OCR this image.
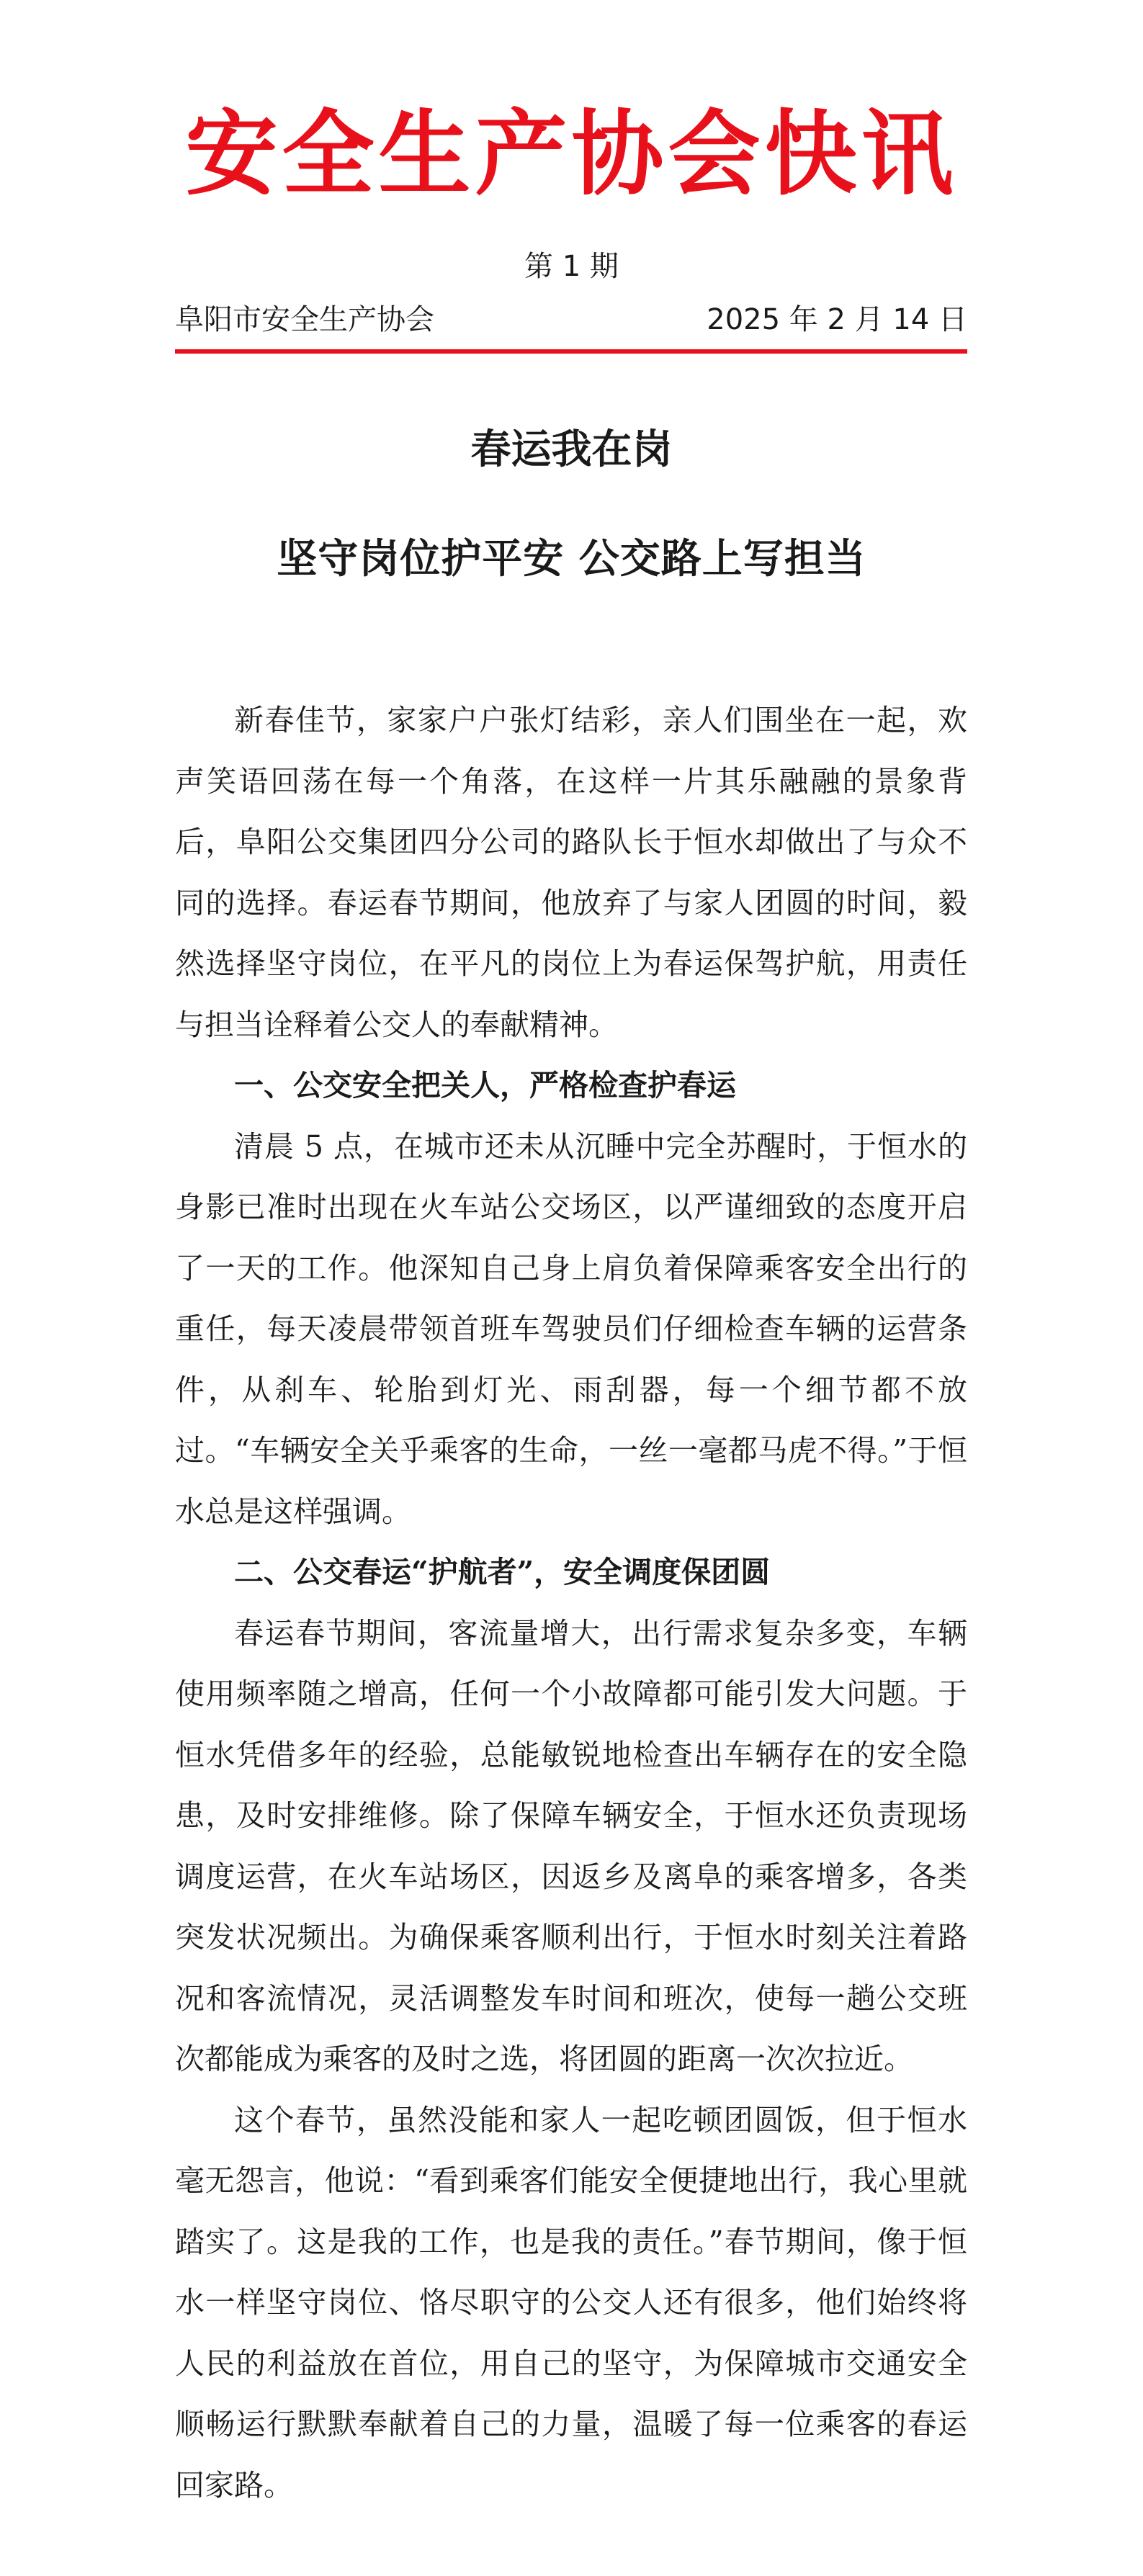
安全生产协会快讯
第 1 期
阜阳市安全生产协会	2025 年 2 月 14 日
春运我在岗
坚守岗位护平安 公交路上写担当

新春佳节，家家户户张灯结彩，亲人们围坐在一起，欢声笑语回荡在每一个角落，在这样一片其乐融融的景象背后，阜阳公交集团四分公司的路队长于恒水却做出了与众不同的选择。春运春节期间，他放弃了与家人团圆的时间，毅然选择坚守岗位，在平凡的岗位上为春运保驾护航，用责任与担当诠释着公交人的奉献精神。

一、公交安全把关人，严格检查护春运

清晨 5 点，在城市还未从沉睡中完全苏醒时，于恒水的身影已准时出现在火车站公交场区，以严谨细致的态度开启了一天的工作。他深知自己身上肩负着保障乘客安全出行的重任，每天凌晨带领首班车驾驶员们仔细检查车辆的运营条件，从刹车、轮胎到灯光、雨刮器，每一个细节都不放过。“车辆安全关乎乘客的生命，一丝一毫都马虎不得。”于恒水总是这样强调。

二、公交春运“护航者”，安全调度保团圆

春运春节期间，客流量增大，出行需求复杂多变，车辆使用频率随之增高，任何一个小故障都可能引发大问题。于恒水凭借多年的经验，总能敏锐地检查出车辆存在的安全隐患，及时安排维修。除了保障车辆安全，于恒水还负责现场调度运营，在火车站场区，因返乡及离阜的乘客增多，各类突发状况频出。为确保乘客顺利出行，于恒水时刻关注着路况和客流情况，灵活调整发车时间和班次，使每一趟公交班次都能成为乘客的及时之选，将团圆的距离一次次拉近。

这个春节，虽然没能和家人一起吃顿团圆饭，但于恒水毫无怨言，他说：“看到乘客们能安全便捷地出行，我心里就踏实了。这是我的工作，也是我的责任。”春节期间，像于恒水一样坚守岗位、恪尽职守的公交人还有很多，他们始终将人民的利益放在首位，用自己的坚守，为保障城市交通安全顺畅运行默默奉献着自己的力量，温暖了每一位乘客的春运回家路。
